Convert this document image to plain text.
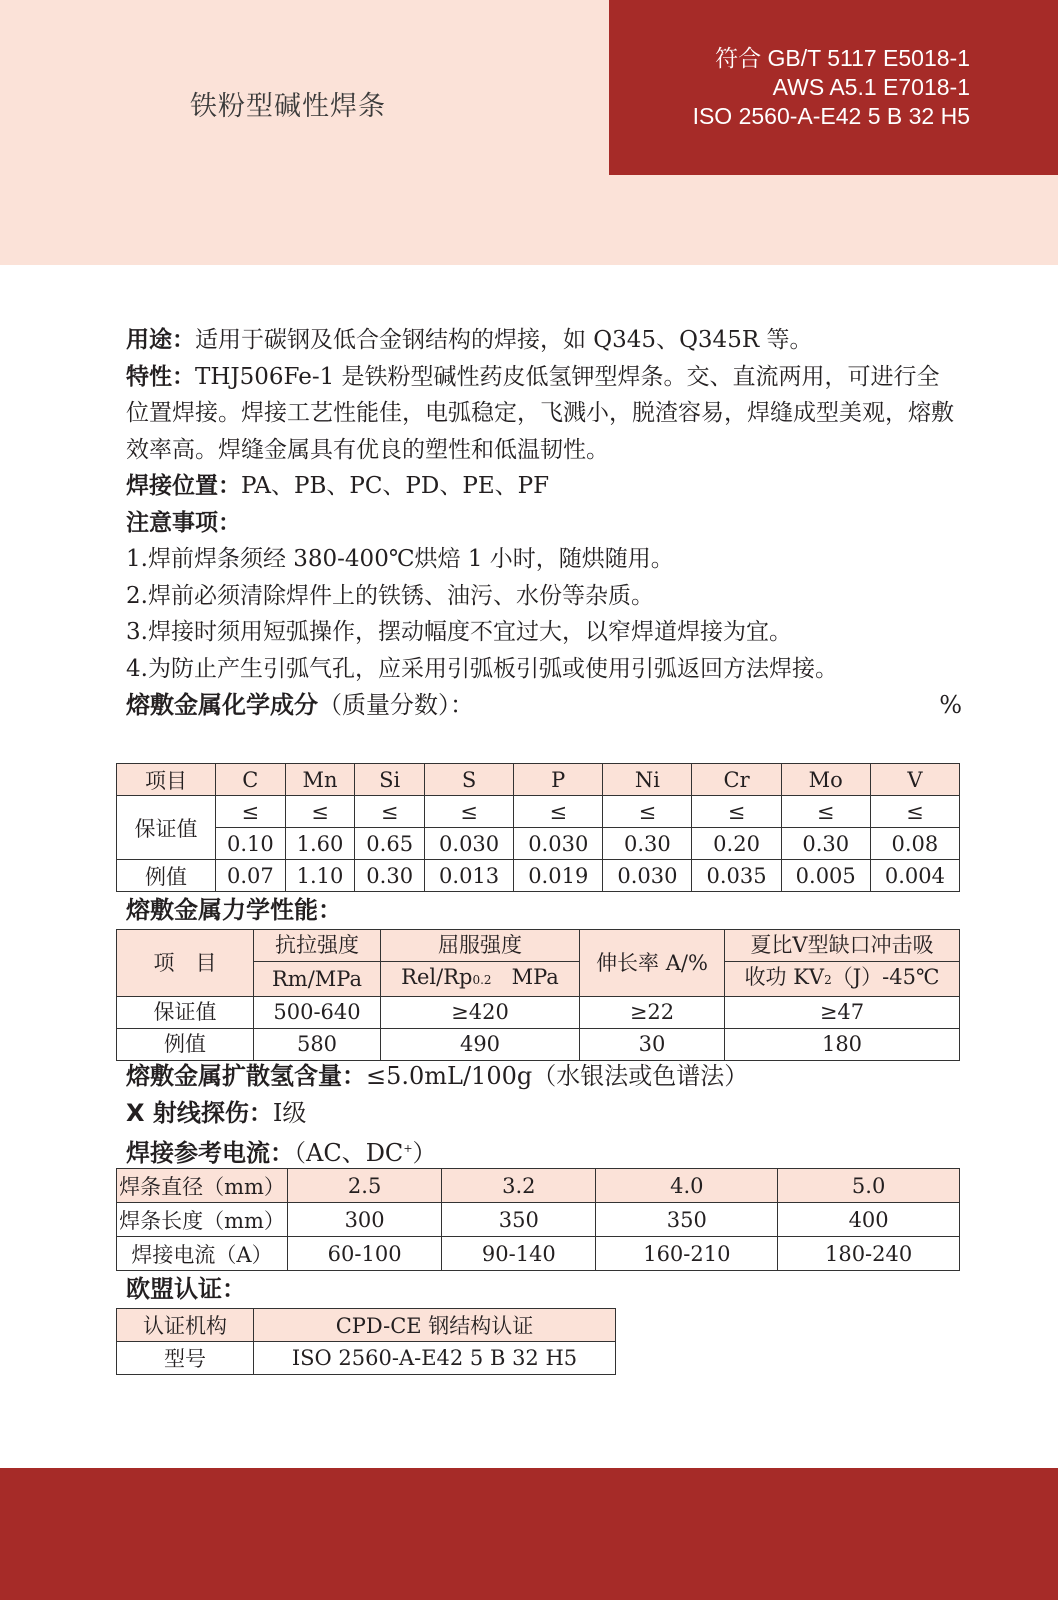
铁粉型碱性焊条
符合 GB/T 5117 E5018-1
AWS A5.1 E7018-1
ISO 2560-A-E42 5 B 32 H5

用途：适用于碳钢及低合金钢结构的焊接，如 Q345、Q345R 等。

特性：THJ506Fe-1 是铁粉型碱性药皮低氢钾型焊条。交、直流两用，可进行全位置焊接。焊接工艺性能佳，电弧稳定，飞溅小，脱渣容易，焊缝成型美观，熔敷效率高。焊缝金属具有优良的塑性和低温韧性。

焊接位置：PA、PB、PC、PD、PE、PF

注意事项：

1.焊前焊条须经 380-400℃烘焙 1 小时，随烘随用。

2.焊前必须清除焊件上的铁锈、油污、水份等杂质。

3.焊接时须用短弧操作，摆动幅度不宜过大，以窄焊道焊接为宜。

4.为防止产生引弧气孔，应采用引弧板引弧或使用引弧返回方法焊接。

熔敷金属化学成分（质量分数）：	%
项目	C	Mn	Si	S	P	Ni	Cr	Mo	V
保证值	≤	≤	≤	≤	≤	≤	≤	≤	≤
	0.10	1.60	0.65	0.030	0.030	0.30	0.20	0.30	0.08
例值	0.07	1.10	0.30	0.013	0.019	0.030	0.035	0.005	0.004
熔敷金属力学性能：
项　目	抗拉强度	屈服强度	伸长率 A/%	夏比Ⅴ型缺口冲击吸
	Rm/MPa	Rel/Rp0.2 MPa		收功 KV2（J）-45℃
保证值	500-640	≥420	≥22	≥47
例值	580	490	30	180
熔敷金属扩散氢含量：≤5.0mL/100g（水银法或色谱法）
X 射线探伤：Ⅰ级
焊接参考电流：（AC、DC+）
焊条直径（mm）	2.5	3.2	4.0	5.0
焊条长度（mm）	300	350	350	400
焊接电流（A）	60-100	90-140	160-210	180-240
欧盟认证：
认证机构	CPD-CE 钢结构认证
型号	ISO 2560-A-E42 5 B 32 H5
